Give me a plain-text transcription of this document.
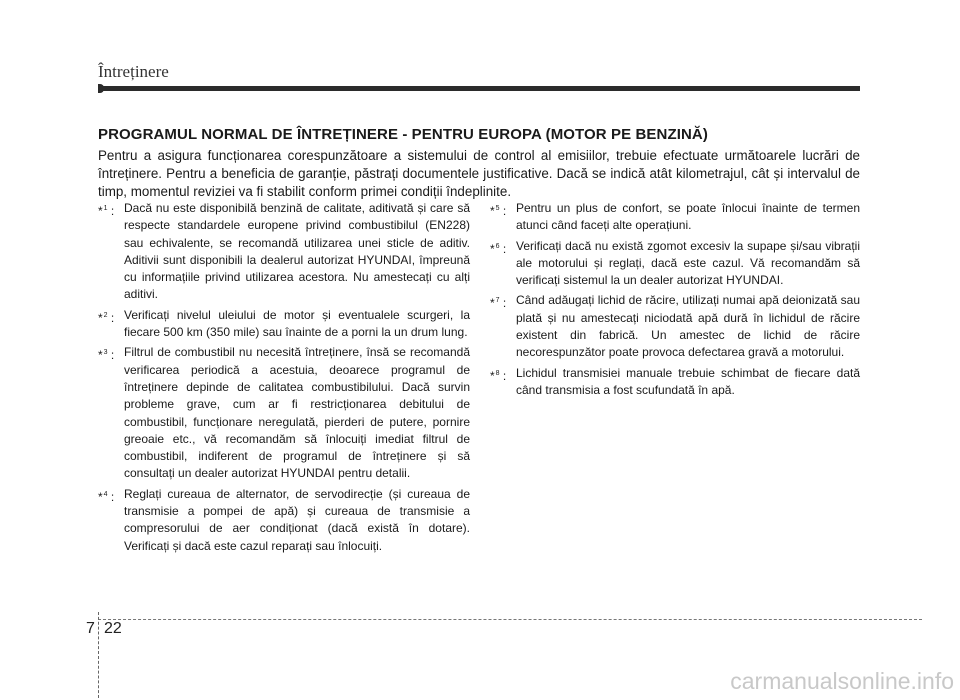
Întreținere
PROGRAMUL NORMAL DE ÎNTREȚINERE - PENTRU EUROPA (MOTOR PE BENZINĂ)
Pentru a asigura funcționarea corespunzătoare a sistemului de control al emisiilor, trebuie efectuate următoarele lucrări de întreținere. Pentru a beneficia de garanție, păstrați documentele justificative. Dacă se indică atât kilometrajul, cât și intervalul de timp, momentul reviziei va fi stabilit conform primei condiții îndeplinite.
*$^1$ : Dacă nu este disponibilă benzină de calitate, aditivată și care să respecte standardele europene privind combustibilul (EN228) sau echivalente, se recomandă utilizarea unei sticle de aditiv. Aditivii sunt disponibili la dealerul autorizat HYUNDAI, împreună cu informațiile privind utilizarea acestora. Nu amestecați cu alți aditivi.
*$^2$ : Verificați nivelul uleiului de motor și eventualele scurgeri, la fiecare 500 km (350 mile) sau înainte de a porni la un drum lung.
*$^3$ : Filtrul de combustibil nu necesită întreținere, însă se recomandă verificarea periodică a acestuia, deoarece programul de întreținere depinde de calitatea combustibilului. Dacă survin probleme grave, cum ar fi restricționarea debitului de combustibil, funcționare neregulată, pierderi de putere, pornire greoaie etc., vă recomandăm să înlocuiți imediat filtrul de combustibil, indiferent de programul de întreținere și să consultați un dealer autorizat HYUNDAI pentru detalii.
*$^4$ : Reglați cureaua de alternator, de servodirecție (și cureaua de transmisie a pompei de apă) și cureaua de transmisie a compresorului de aer condiționat (dacă există în dotare). Verificați și dacă este cazul reparați sau înlocuiți.
*$^5$ : Pentru un plus de confort, se poate înlocui înainte de termen atunci când faceți alte operațiuni.
*$^6$ : Verificați dacă nu există zgomot excesiv la supape și/sau vibrații ale motorului și reglați, dacă este cazul. Vă recomandăm să verificați sistemul la un dealer autorizat HYUNDAI.
*$^7$ : Când adăugați lichid de răcire, utilizați numai apă deionizată sau plată și nu amestecați niciodată apă dură în lichidul de răcire existent din fabrică. Un amestec de lichid de răcire necorespunzător poate provoca defectarea gravă a motorului.
*$^8$ : Lichidul transmisiei manuale trebuie schimbat de fiecare dată când transmisia a fost scufundată în apă.
7 22
carmanualsonline.info
